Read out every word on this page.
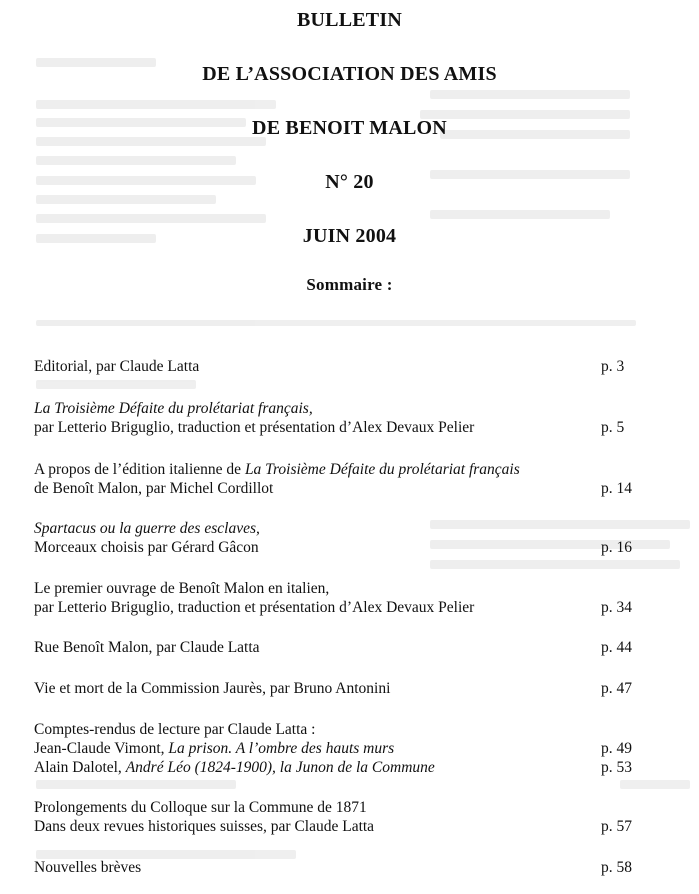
BULLETIN
DE L’ASSOCIATION DES AMIS
DE BENOIT MALON
N° 20
JUIN 2004
Sommaire :
Editorial, par Claude Latta	p. 3
La Troisième Défaite du prolétariat français,
par Letterio Briguglio, traduction et présentation d’Alex Devaux Pelier	p. 5
A propos de l’édition italienne de La Troisième Défaite du prolétariat français
de Benoît Malon, par Michel Cordillot	p. 14
Spartacus ou la guerre des esclaves,
Morceaux choisis par Gérard Gâcon	p. 16
Le premier ouvrage de Benoît Malon en italien,
par Letterio Briguglio, traduction et présentation d’Alex Devaux Pelier	p. 34
Rue Benoît Malon, par Claude Latta	p. 44
Vie et mort de la Commission Jaurès, par Bruno Antonini	p. 47
Comptes-rendus de lecture par Claude Latta :
Jean-Claude Vimont, La prison. A l’ombre des hauts murs	p. 49
Alain Dalotel, André Léo (1824-1900), la Junon de la Commune	p. 53
Prolongements du Colloque sur la Commune de 1871
Dans deux revues historiques suisses, par Claude Latta	p. 57
Nouvelles brèves	p. 58
